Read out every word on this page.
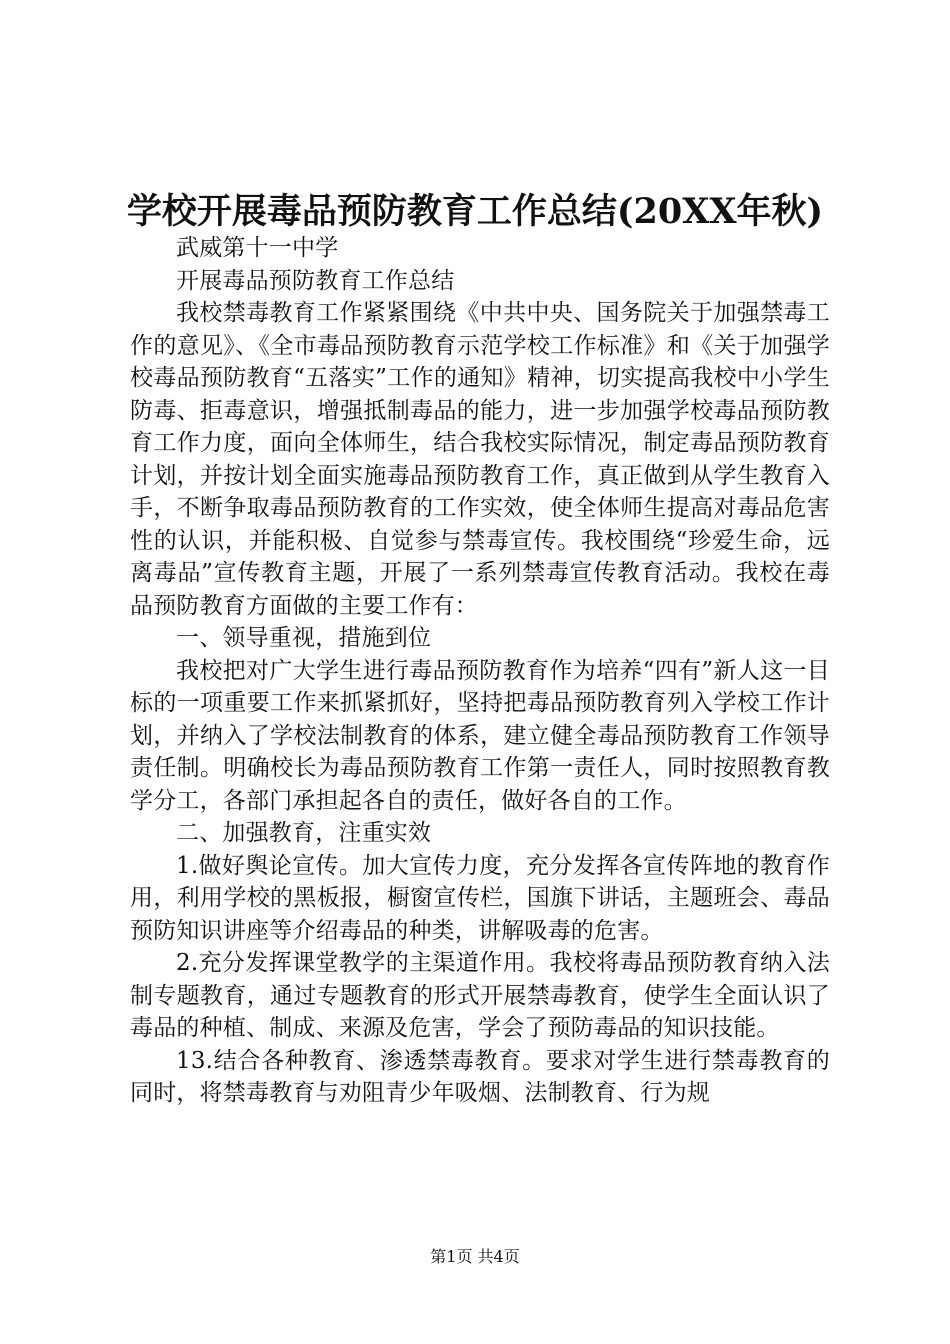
学校开展毒品预防教育工作总结(20XX年秋)

武威第十一中学

开展毒品预防教育工作总结

我校禁毒教育工作紧紧围绕《中共中央、国务院关于加强禁毒工作的意见》、《全市毒品预防教育示范学校工作标准》和《关于加强学校毒品预防教育“五落实”工作的通知》精神，切实提高我校中小学生防毒、拒毒意识，增强抵制毒品的能力，进一步加强学校毒品预防教育工作力度，面向全体师生，结合我校实际情况，制定毒品预防教育计划，并按计划全面实施毒品预防教育工作，真正做到从学生教育入手，不断争取毒品预防教育的工作实效，使全体师生提高对毒品危害性的认识，并能积极、自觉参与禁毒宣传。我校围绕“珍爱生命，远离毒品”宣传教育主题，开展了一系列禁毒宣传教育活动。我校在毒品预防教育方面做的主要工作有：

一、领导重视，措施到位

我校把对广大学生进行毒品预防教育作为培养“四有”新人这一目标的一项重要工作来抓紧抓好，坚持把毒品预防教育列入学校工作计划，并纳入了学校法制教育的体系，建立健全毒品预防教育工作领导责任制。明确校长为毒品预防教育工作第一责任人，同时按照教育教学分工，各部门承担起各自的责任，做好各自的工作。

二、加强教育，注重实效

1.做好舆论宣传。加大宣传力度，充分发挥各宣传阵地的教育作用，利用学校的黑板报，橱窗宣传栏，国旗下讲话，主题班会、毒品预防知识讲座等介绍毒品的种类，讲解吸毒的危害。

2.充分发挥课堂教学的主渠道作用。我校将毒品预防教育纳入法制专题教育，通过专题教育的形式开展禁毒教育，使学生全面认识了毒品的种植、制成、来源及危害，学会了预防毒品的知识技能。

13.结合各种教育、渗透禁毒教育。要求对学生进行禁毒教育的同时，将禁毒教育与劝阻青少年吸烟、法制教育、行为规

第1页 共4页
